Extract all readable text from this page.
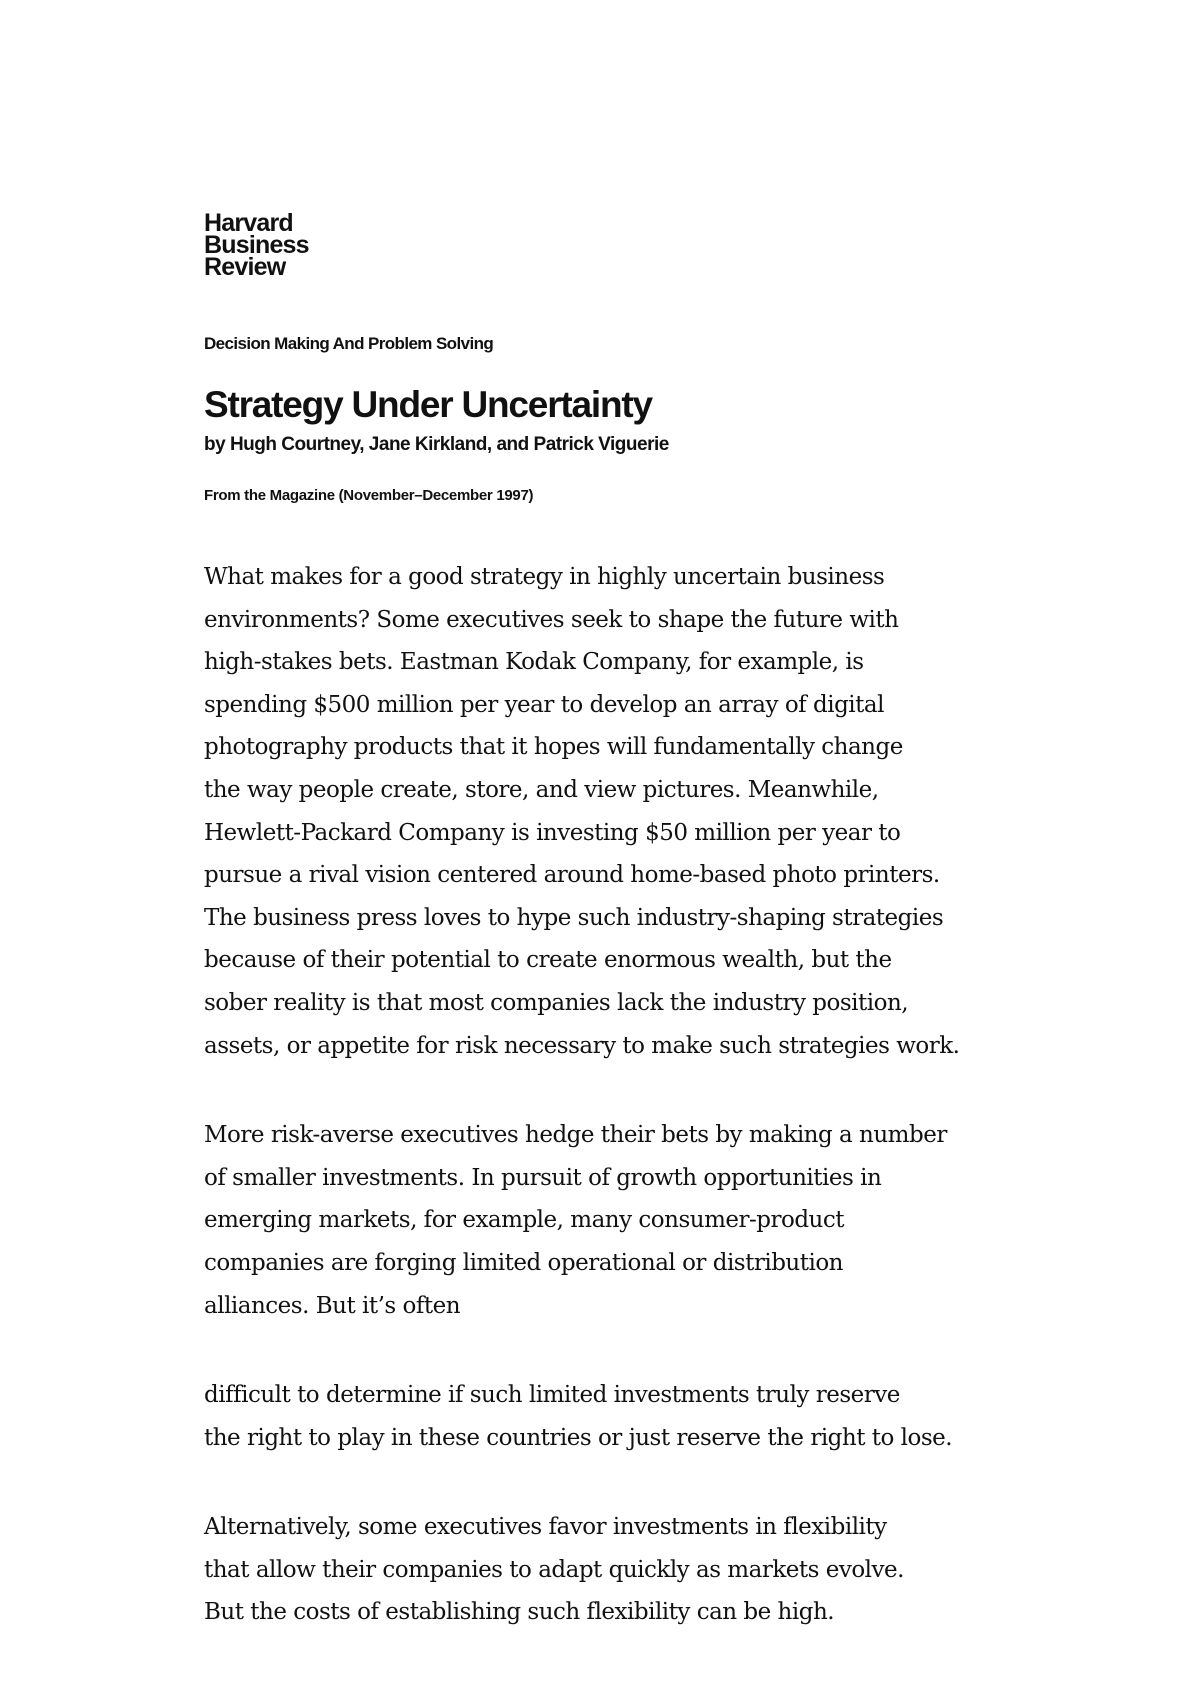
Harvard
Business
Review
Decision Making And Problem Solving
Strategy Under Uncertainty
by Hugh Courtney, Jane Kirkland, and Patrick Viguerie
From the Magazine (November–December 1997)

What makes for a good strategy in highly uncertain business
environments? Some executives seek to shape the future with
high-stakes bets. Eastman Kodak Company, for example, is
spending $500 million per year to develop an array of digital
photography products that it hopes will fundamentally change
the way people create, store, and view pictures. Meanwhile,
Hewlett-Packard Company is investing $50 million per year to
pursue a rival vision centered around home-based photo printers.
The business press loves to hype such industry-shaping strategies
because of their potential to create enormous wealth, but the
sober reality is that most companies lack the industry position,
assets, or appetite for risk necessary to make such strategies work.

More risk-averse executives hedge their bets by making a number
of smaller investments. In pursuit of growth opportunities in
emerging markets, for example, many consumer-product
companies are forging limited operational or distribution
alliances. But it’s often

difficult to determine if such limited investments truly reserve
the right to play in these countries or just reserve the right to lose.

Alternatively, some executives favor investments in flexibility
that allow their companies to adapt quickly as markets evolve.
But the costs of establishing such flexibility can be high.
